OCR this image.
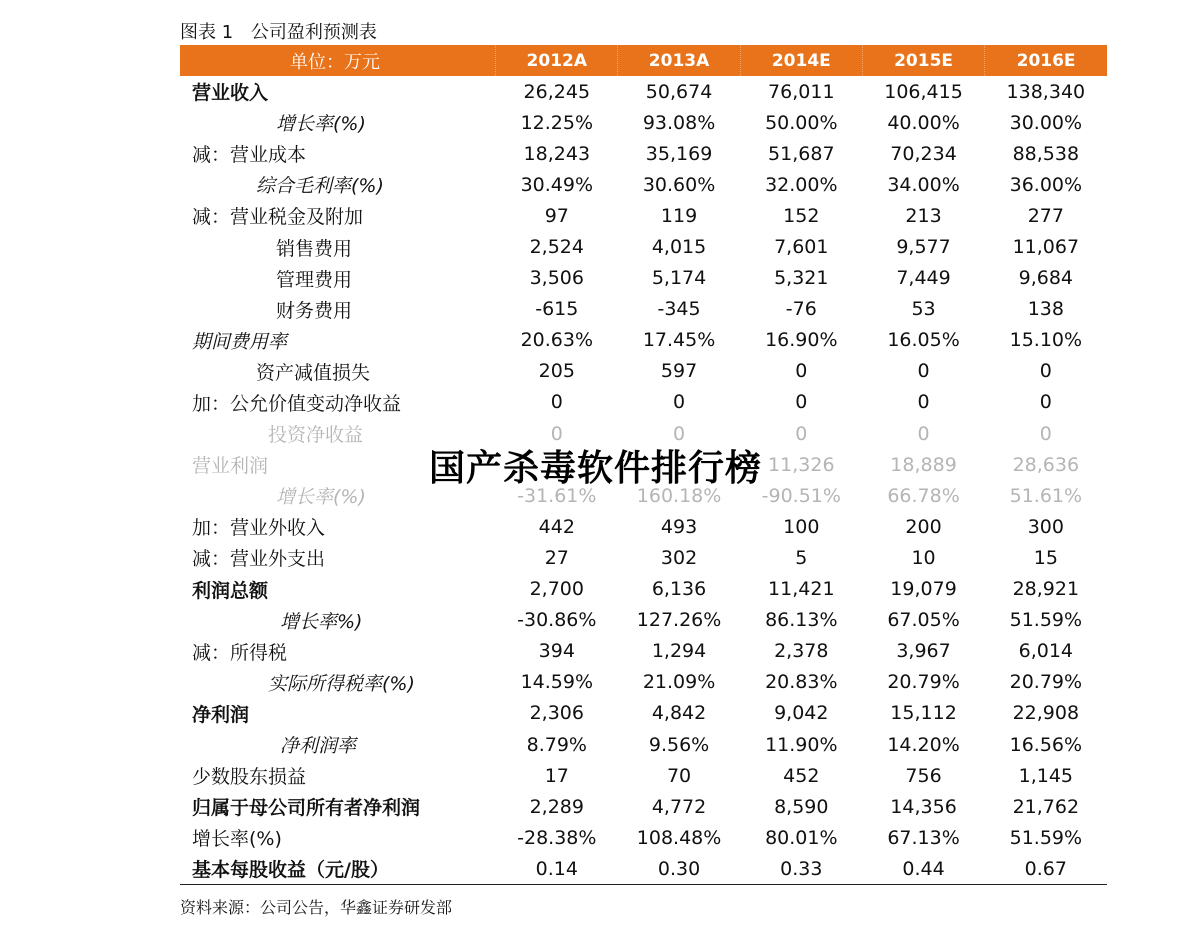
图表 1 公司盈利预测表
单位：万元	2012A	2013A	2014E	2015E	2016E
营业收入	26,245	50,674	76,011	106,415	138,340
增长率(%)	12.25%	93.08%	50.00%	40.00%	30.00%
减：营业成本	18,243	35,169	51,687	70,234	88,538
综合毛利率(%)	30.49%	30.60%	32.00%	34.00%	36.00%
减：营业税金及附加	97	119	152	213	277
销售费用	2,524	4,015	7,601	9,577	11,067
管理费用	3,506	5,174	5,321	7,449	9,684
财务费用	-615	-345	-76	53	138
期间费用率	20.63%	17.45%	16.90%	16.05%	15.10%
资产减值损失	205	597	0	0	0
加：公允价值变动净收益	0	0	0	0	0
投资净收益	0	0	0	0	0
营业利润			11,326	18,889	28,636
增长率(%)	-31.61%	160.18%	-90.51%	66.78%	51.61%
加：营业外收入	442	493	100	200	300
减：营业外支出	27	302	5	10	15
利润总额	2,700	6,136	11,421	19,079	28,921
增长率%)	-30.86%	127.26%	86.13%	67.05%	51.59%
减：所得税	394	1,294	2,378	3,967	6,014
实际所得税率(%)	14.59%	21.09%	20.83%	20.79%	20.79%
净利润	2,306	4,842	9,042	15,112	22,908
净利润率	8.79%	9.56%	11.90%	14.20%	16.56%
少数股东损益	17	70	452	756	1,145
归属于母公司所有者净利润	2,289	4,772	8,590	14,356	21,762
增长率(%)	-28.38%	108.48%	80.01%	67.13%	51.59%
基本每股收益（元/股）	0.14	0.30	0.33	0.44	0.67
国产杀毒软件排行榜
资料来源：公司公告，华鑫证券研发部
